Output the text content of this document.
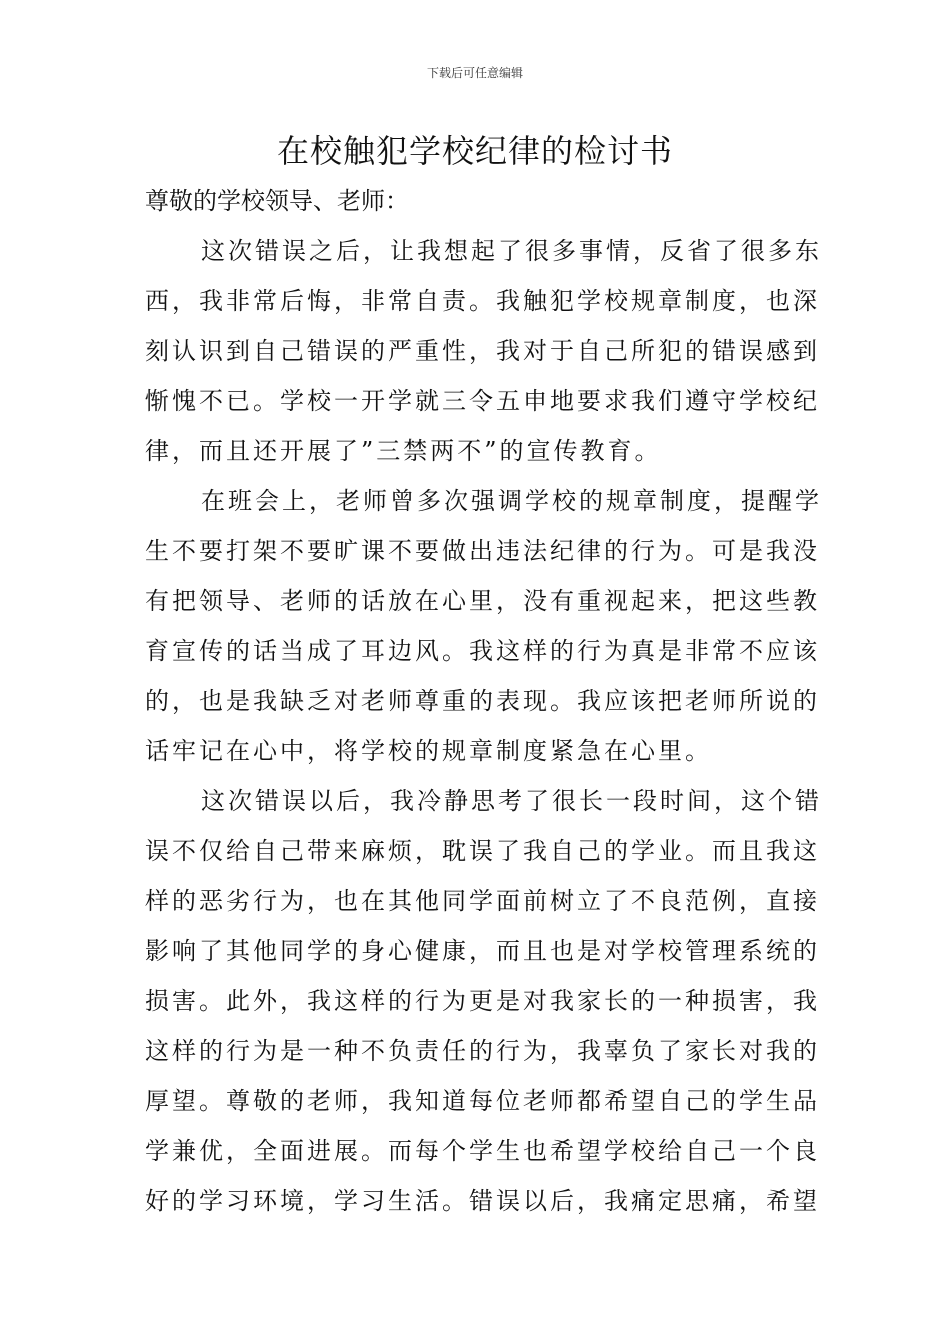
下载后可任意编辑
在校触犯学校纪律的检讨书

尊敬的学校领导、老师：

这次错误之后，让我想起了很多事情，反省了很多东
西，我非常后悔，非常自责。我触犯学校规章制度，也深
刻认识到自己错误的严重性，我对于自己所犯的错误感到
惭愧不已。学校一开学就三令五申地要求我们遵守学校纪
律，而且还开展了”三禁两不”的宣传教育。

在班会上，老师曾多次强调学校的规章制度，提醒学
生不要打架不要旷课不要做出违法纪律的行为。可是我没
有把领导、老师的话放在心里，没有重视起来，把这些教
育宣传的话当成了耳边风。我这样的行为真是非常不应该
的，也是我缺乏对老师尊重的表现。我应该把老师所说的
话牢记在心中，将学校的规章制度紧急在心里。

这次错误以后，我冷静思考了很长一段时间，这个错
误不仅给自己带来麻烦，耽误了我自己的学业。而且我这
样的恶劣行为，也在其他同学面前树立了不良范例，直接
影响了其他同学的身心健康，而且也是对学校管理系统的
损害。此外，我这样的行为更是对我家长的一种损害，我
这样的行为是一种不负责任的行为，我辜负了家长对我的
厚望。尊敬的老师，我知道每位老师都希望自己的学生品
学兼优，全面进展。而每个学生也希望学校给自己一个良
好的学习环境，学习生活。错误以后，我痛定思痛，希望
